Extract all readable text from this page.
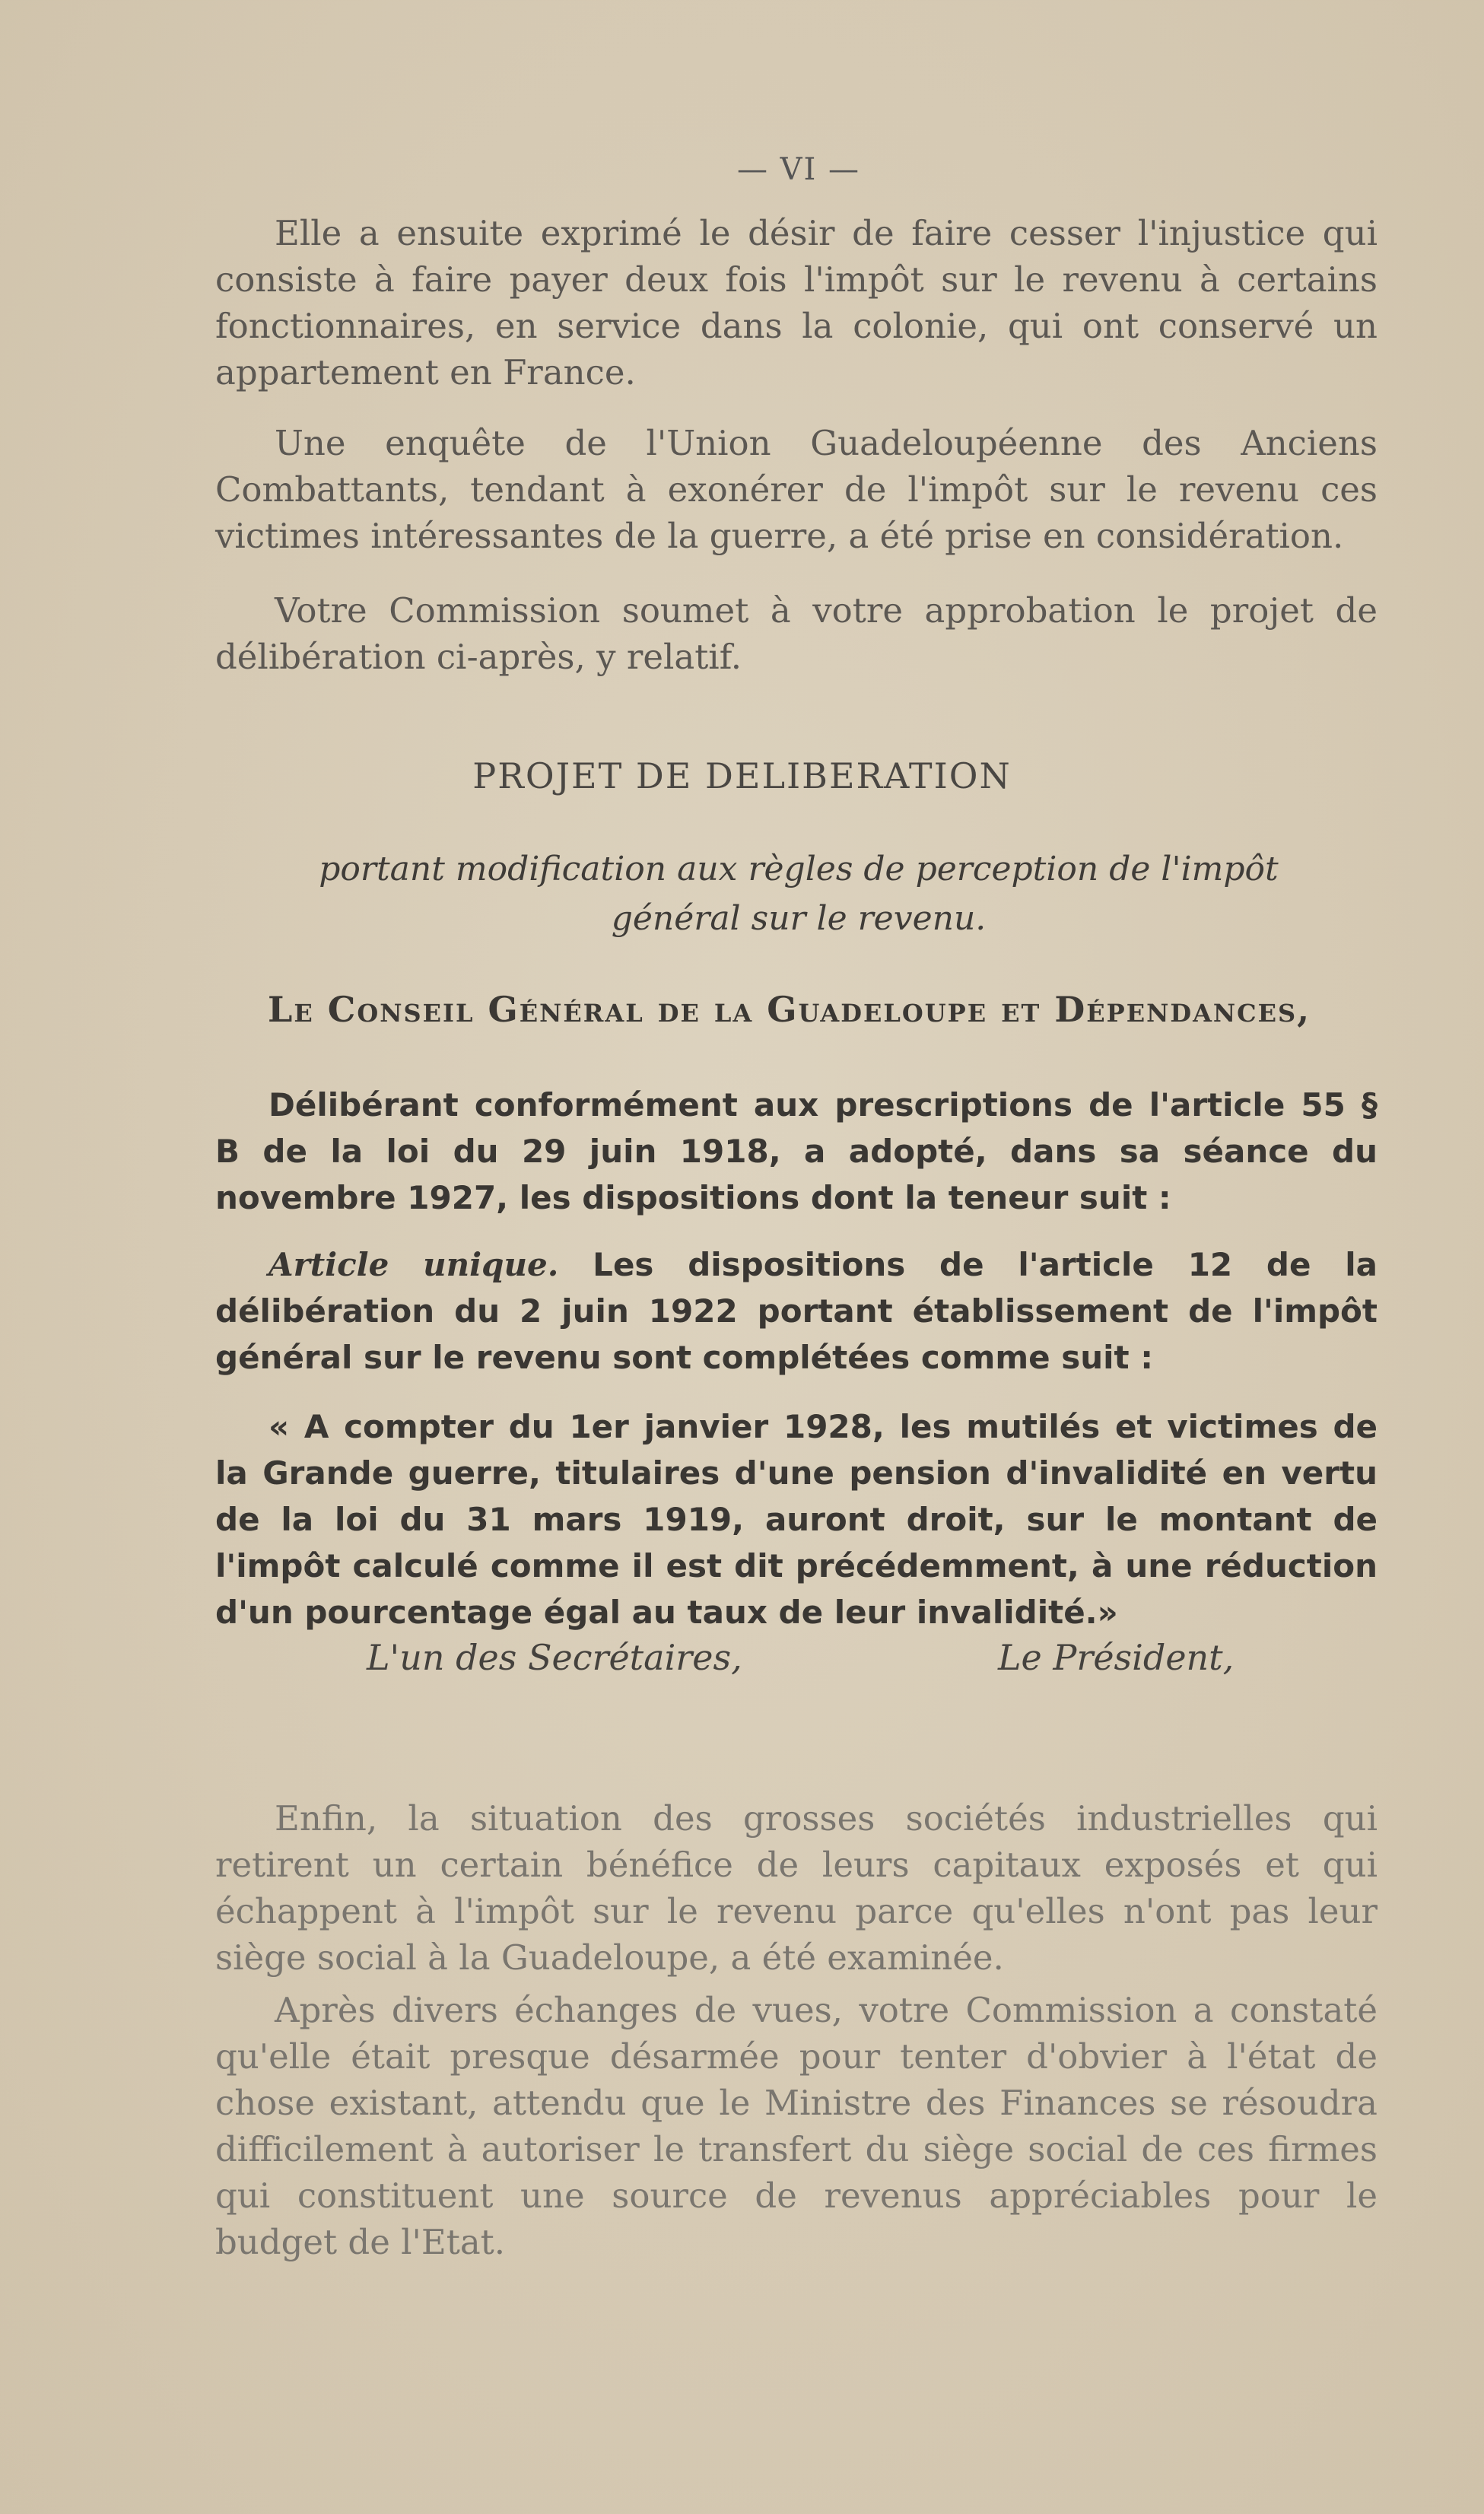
— VI —
Elle a ensuite exprimé le désir de faire cesser l'injustice qui consiste à faire payer deux fois l'impôt sur le revenu à certains fonctionnaires, en service dans la colonie, qui ont conservé un appartement en France.
Une enquête de l'Union Guadeloupéenne des Anciens Combattants, tendant à exonérer de l'impôt sur le revenu ces victimes intéressantes de la guerre, a été prise en considération.
Votre Commission soumet à votre approbation le projet de délibération ci-après, y relatif.
PROJET DE DELIBERATION
portant modification aux règles de perception de l'impôt
général sur le revenu.
Le Conseil Général de la Guadeloupe et Dépendances,
Délibérant conformément aux prescriptions de l'article 55 § B de la loi du 29 juin 1918, a adopté, dans sa séance du novembre 1927, les dispositions dont la teneur suit :
Article unique. Les dispositions de l'article 12 de la délibération du 2 juin 1922 portant établissement de l'impôt général sur le revenu sont complétées comme suit :
« A compter du 1er janvier 1928, les mutilés et victimes de la Grande guerre, titulaires d'une pension d'invalidité en vertu de la loi du 31 mars 1919, auront droit, sur le montant de l'impôt calculé comme il est dit précédemment, à une réduction d'un pourcentage égal au taux de leur invalidité.»
L'un des Secrétaires,	Le Président,
Enfin, la situation des grosses sociétés industrielles qui retirent un certain bénéfice de leurs capitaux exposés et qui échappent à l'impôt sur le revenu parce qu'elles n'ont pas leur siège social à la Guadeloupe, a été examinée.
Après divers échanges de vues, votre Commission a constaté qu'elle était presque désarmée pour tenter d'obvier à l'état de chose existant, attendu que le Ministre des Finances se résoudra difficilement à autoriser le transfert du siège social de ces firmes qui constituent une source de revenus appréciables pour le budget de l'Etat.
